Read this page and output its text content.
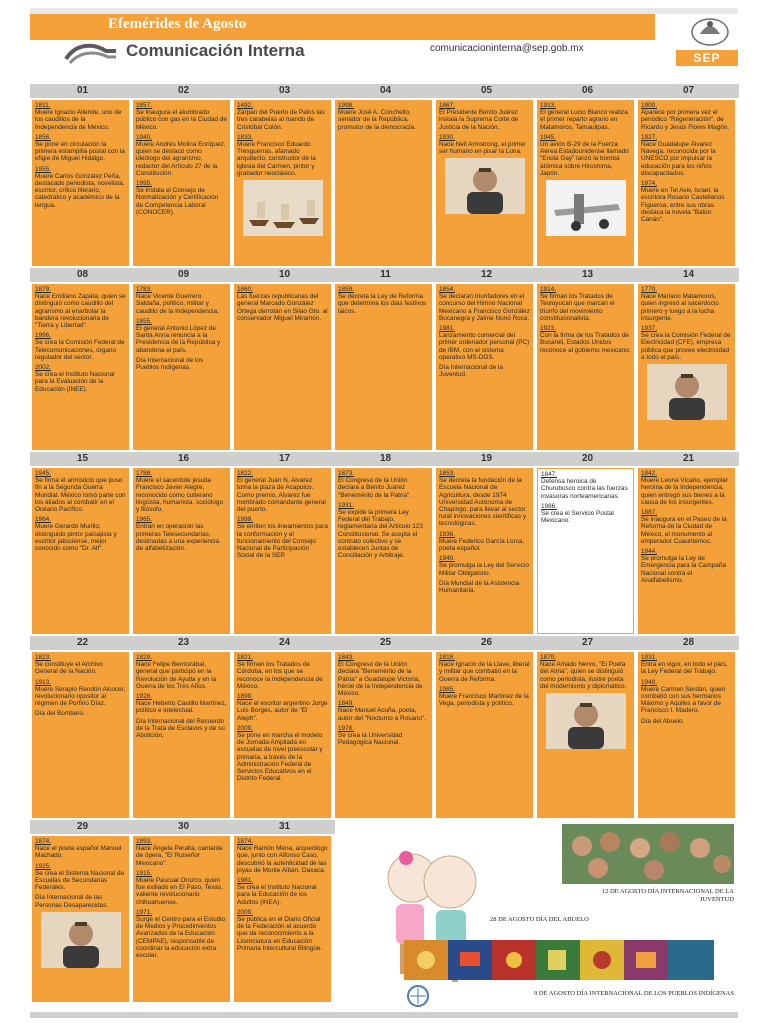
Efemérides de Agosto
Comunicación Interna	comunicacioninterna@sep.gob.mx
SEP
01
1811.
Muere Ignacio Allende, uno de los caudillos de la Independencia de México.
1856.
Se pone en circulación la primera estampilla postal con la efigie de Miguel Hidalgo.
1955.
Muere Carlos González Peña, destacado periodista, novelista, escritor, crítico literario, catedrático y académico de la lengua.
02
1857.
Se inaugura el alumbrado público con gas en la Ciudad de México.
1940.
Muere Andrés Molina Enríquez, quien se destacó como ideólogo del agrarismo, redactor del Artículo 27 de la Constitución.
1995.
Se instala el Consejo de Normalización y Certificación de Competencia Laboral (CONOCER).
03
1492.
Zarpan del Puerto de Palos las tres carabelas al mando de Cristóbal Colón.
1833.
Muere Francisco Eduardo Tresguerras, afamado arquitecto, constructor de la iglesia del Carmen, pintor y grabador neoclásico.
04
1998.
Muere José A. Conchello, senador de la República, promotor de la democracia.
05
1867.
El Presidente Benito Juárez instala la Suprema Corte de Justicia de la Nación.
1930.
Nace Neil Armstrong, el primer ser humano en pisar la Luna.
06
1913.
El general Lucio Blanco realiza el primer reparto agrario en Matamoros, Tamaulipas.
1945.
Un avión B-29 de la Fuerza Aérea Estadounidense llamado "Enola Gay" lanzó la bomba atómica sobre Hiroshima, Japón.
07
1900.
Aparece por primera vez el periódico "Regeneración", de Ricardo y Jesús Flores Magón.
1927.
Nace Guadalupe Álvarez Navega, reconocida por la UNESCO por impulsar la educación para los niños discapacitados.
1974.
Muere en Tel Aviv, Israel, la escritora Rosario Castellanos Figueroa, entre sus obras destaca la novela "Balún Canán".
08
1879.
Nace Emiliano Zapata, quien se distinguió como caudillo del agrarismo al enarbolar la bandera revolucionaria de "Tierra y Libertad".
1996.
Se crea la Comisión Federal de Telecomunicaciones, órgano regulador del sector.
2002.
Se crea el Instituto Nacional para la Evaluación de la Educación (INEE).
09
1783.
Nace Vicente Guerrero Saldaña, político, militar y caudillo de la Independencia.
1855.
El general Antonio López de Santa Anna renuncia a la Presidencia de la República y abandona el país.
Día Internacional de los Pueblos Indígenas.
10
1860.
Las fuerzas republicanas del general Marcado González Ortega derrotan en Silao Gto. al conservador Miguel Miramón.
11
1859.
Se decreta la Ley de Reforma que determina los días festivos laicos.
12
1854.
Se declaran triunfadores en el concurso del Himno Nacional Mexicano a Francisco González Bocanegra y Jaime Nunó Roca.
1981.
Lanzamiento comercial del primer ordenador personal (PC) de IBM, con el sistema operativo MS-DOS.
Día Internacional de la Juventud.
13
1914.
Se firman los Tratados de Teoloyucan que marcan el triunfo del movimiento constitucionalista.
1923.
Con la firma de los Tratados de Bucareli, Estados Unidos reconoce al gobierno mexicano.
14
1770.
Nace Mariano Matamoros, quien ingresó al sacerdocio primero y luego a la lucha insurgente.
1937.
Se crea la Comisión Federal de Electricidad (CFE), empresa pública que provee electricidad a todo el país.
15
1945.
Se firma el armisticio que puso fin a la Segunda Guerra Mundial. México tomó parte con los aliados al combatir en el Océano Pacífico.
1964.
Muere Gerardo Murillo, distinguido pintor paisajista y escritor jalisciense, mejor conocido como "Dr. Atl".
16
1788.
Muere el sacerdote jesuita Francisco Javier Alegre, reconocido como culterano lingüista, humanista, sociólogo y filósofo.
1965.
Entran en operación las primeras Telesecundarias, destinadas a una experiencia de alfabetización.
17
1822.
El general Juan N. Alvarez toma la plaza de Acapulco. Como premio, Alvarez fue nombrado comandante general del puerto.
1999.
Se emiten los lineamientos para la conformación y el funcionamiento del Consejo Nacional de Participación Social de la SEP.
18
1873.
El Congreso de la Unión declara a Benito Juárez "Benemérito de la Patria".
1931.
Se expide la primera Ley Federal del Trabajo, reglamentaria del Artículo 123 Constitucional. Se acepta el contrato colectivo y se establecen Juntas de Conciliación y Arbitraje.
19
1853.
Se decreta la fundación de la Escuela Nacional de Agricultura, desde 1974 Universidad Autónoma de Chapingo, para llevar al sector rural innovaciones científicas y tecnológicas.
1936.
Muere Federico García Lorca, poeta español.
1940.
Se promulga la Ley del Servicio Militar Obligatorio.
Día Mundial de la Asistencia Humanitaria.
20
1847.
Defensa heroica de Churubusco contra las fuerzas invasoras norteamericanas.
1986.
Se crea el Servicio Postal Mexicano.
21
1842.
Muere Leona Vicario, ejemplar heroína de la Independencia, quien entregó sus bienes a la causa de los insurgentes.
1887.
Se inaugura en el Paseo de la Reforma de la Ciudad de México, el monumento al emperador Cuauhtémoc.
1944.
Se promulga la Ley de Emergencia para la Campaña Nacional contra el Analfabetismo.
22
1823.
Se constituye el Archivo General de la Nación.
1913.
Muere Serapio Rendón Alcocer, revolucionario opositor al régimen de Porfirio Díaz.
Día del Bombero.
23
1829.
Nace Felipe Berriozábal, general que participó en la Revolución de Ayutla y en la Guerra de los Tres Años.
1928.
Nace Heberto Castillo Martínez, político e intelectual.
Día Internacional del Recuerdo de la Trata de Esclavos y de su Abolición.
24
1821.
Se firman los Tratados de Córdoba, en los que se reconoce la Independencia de México.
1899.
Nace el escritor argentino Jorge Luis Borges, autor de "El Aleph".
2009.
Se pone en marcha el modelo de Jornada Ampliada en escuelas de nivel preescolar y primaria, a través de la Administración Federal de Servicios Educativos en el Distrito Federal.
25
1843.
El Congreso de la Unión declara "Benemérito de la Patria" a Guadalupe Victoria, héroe de la Independencia de México.
1849.
Nace Manuel Acuña, poeta, autor del "Nocturno a Rosario".
1978.
Se crea la Universidad Pedagógica Nacional.
26
1818.
Nace Ignacio de la Llave, liberal y militar que combatió en la Guerra de Reforma.
1985.
Muere Francisco Martínez de la Vega, periodista y político.
27
1870.
Nace Amado Nervo, "El Poeta del Alma", quien se distinguió como periodista, ilustre poeta del modernismo y diplomático.
28
1931.
Entra en vigor, en todo el país, la Ley Federal del Trabajo.
1948.
Muere Carmen Serdán, quien combatió con sus hermanos Máximo y Aquiles a favor de Francisco I. Madero.
Día del Abuelo.
29
1874.
Nace el poeta español Manuel Machado.
1925.
Se crea el Sistema Nacional de Escuelas de Secundarias Federales.
Día Internacional de las Personas Desaparecidas.
30
1893.
Nace Ángela Peralta, cantante de ópera, "El Ruiseñor Mexicano".
1915.
Muere Pascual Orozco, quien fue exiliado en El Paso, Texas, valiente revolucionario chihuahuense.
1971.
Surge el Centro para el Estudio de Medios y Procedimientos Avanzados de la Educación (CEMPAE), responsable de coordinar la educación extra escolar.
31
1874.
Nace Ramón Mena, arqueólogo que, junto con Alfonso Caso, descubrió la autenticidad de las joyas de Monte Albán, Oaxaca.
1981.
Se crea el Instituto Nacional para la Educación de los Adultos (INEA).
2009.
Se publica en el Diario Oficial de la Federación el acuerdo que da reconocimiento a la Licenciatura en Educación Primaria Intercultural Bilingüe.
12 DE AGOSTO DÍA INTERNACIONAL DE LA JUVENTUD
28 DE AGOSTO DÍA DEL ABUELO
9 DE AGOSTO DÍA INTERNACIONAL DE LOS PUEBLOS INDÍGENAS
